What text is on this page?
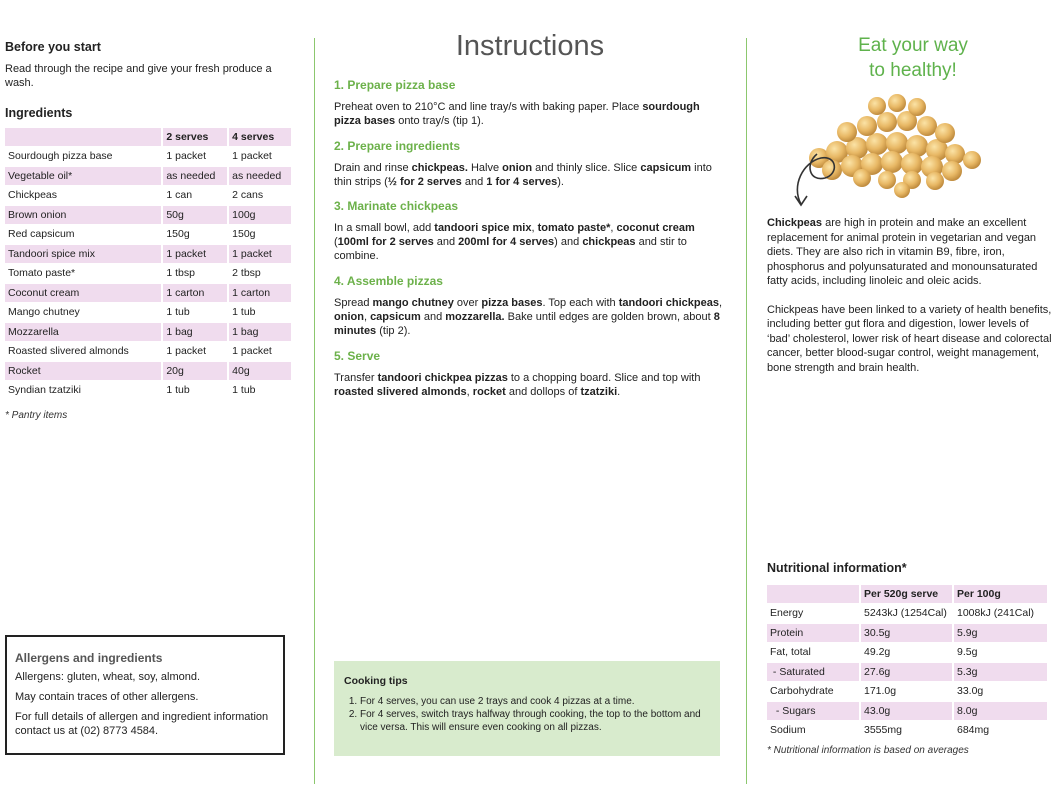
Before you start

Read through the recipe and give your fresh produce a wash.

Ingredients
	2 serves	4 serves
Sourdough pizza base	1 packet	1 packet
Vegetable oil*	as needed	as needed
Chickpeas	1 can	2 cans
Brown onion	50g	100g
Red capsicum	150g	150g
Tandoori spice mix	1 packet	1 packet
Tomato paste*	1 tbsp	2 tbsp
Coconut cream	1 carton	1 carton
Mango chutney	1 tub	1 tub
Mozzarella	1 bag	1 bag
Roasted slivered almonds	1 packet	1 packet
Rocket	20g	40g
Syndian tzatziki	1 tub	1 tub
* Pantry items
Allergens and ingredients

Allergens: gluten, wheat, soy, almond.

May contain traces of other allergens.

For full details of allergen and ingredient information contact us at (02) 8773 4584.

Instructions
1. Prepare pizza base

Preheat oven to 210°C and line tray/s with baking paper. Place sourdough pizza bases onto tray/s (tip 1).

2. Prepare ingredients

Drain and rinse chickpeas. Halve onion and thinly slice. Slice capsicum into thin strips (½ for 2 serves and 1 for 4 serves).

3. Marinate chickpeas

In a small bowl, add tandoori spice mix, tomato paste*, coconut cream (100ml for 2 serves and 200ml for 4 serves) and chickpeas and stir to combine.

4. Assemble pizzas

Spread mango chutney over pizza bases. Top each with tandoori chickpeas, onion, capsicum and mozzarella. Bake until edges are golden brown, about 8 minutes (tip 2).

5. Serve

Transfer tandoori chickpea pizzas to a chopping board. Slice and top with roasted slivered almonds, rocket and dollops of tzatziki.

Cooking tips
1. For 4 serves, you can use 2 trays and cook 4 pizzas at a time.
2. For 4 serves, switch trays halfway through cooking, the top to the bottom and vice versa. This will ensure even cooking on all pizzas.
Eat your way
to healthy!

Chickpeas are high in protein and make an excellent replacement for animal protein in vegetarian and vegan diets. They are also rich in vitamin B9, fibre, iron, phosphorus and polyunsaturated and monounsaturated fatty acids, including linoleic and oleic acids.

Chickpeas have been linked to a variety of health benefits, including better gut flora and digestion, lower levels of ‘bad’ cholesterol, lower risk of heart disease and colorectal cancer, better blood-sugar control, weight management, bone strength and brain health.

Nutritional information*
	Per 520g serve	Per 100g
Energy	5243kJ (1254Cal)	1008kJ (241Cal)
Protein	30.5g	5.9g
Fat, total	49.2g	9.5g
- Saturated	27.6g	5.3g
Carbohydrate	171.0g	33.0g
- Sugars	43.0g	8.0g
Sodium	3555mg	684mg
* Nutritional information is based on averages
